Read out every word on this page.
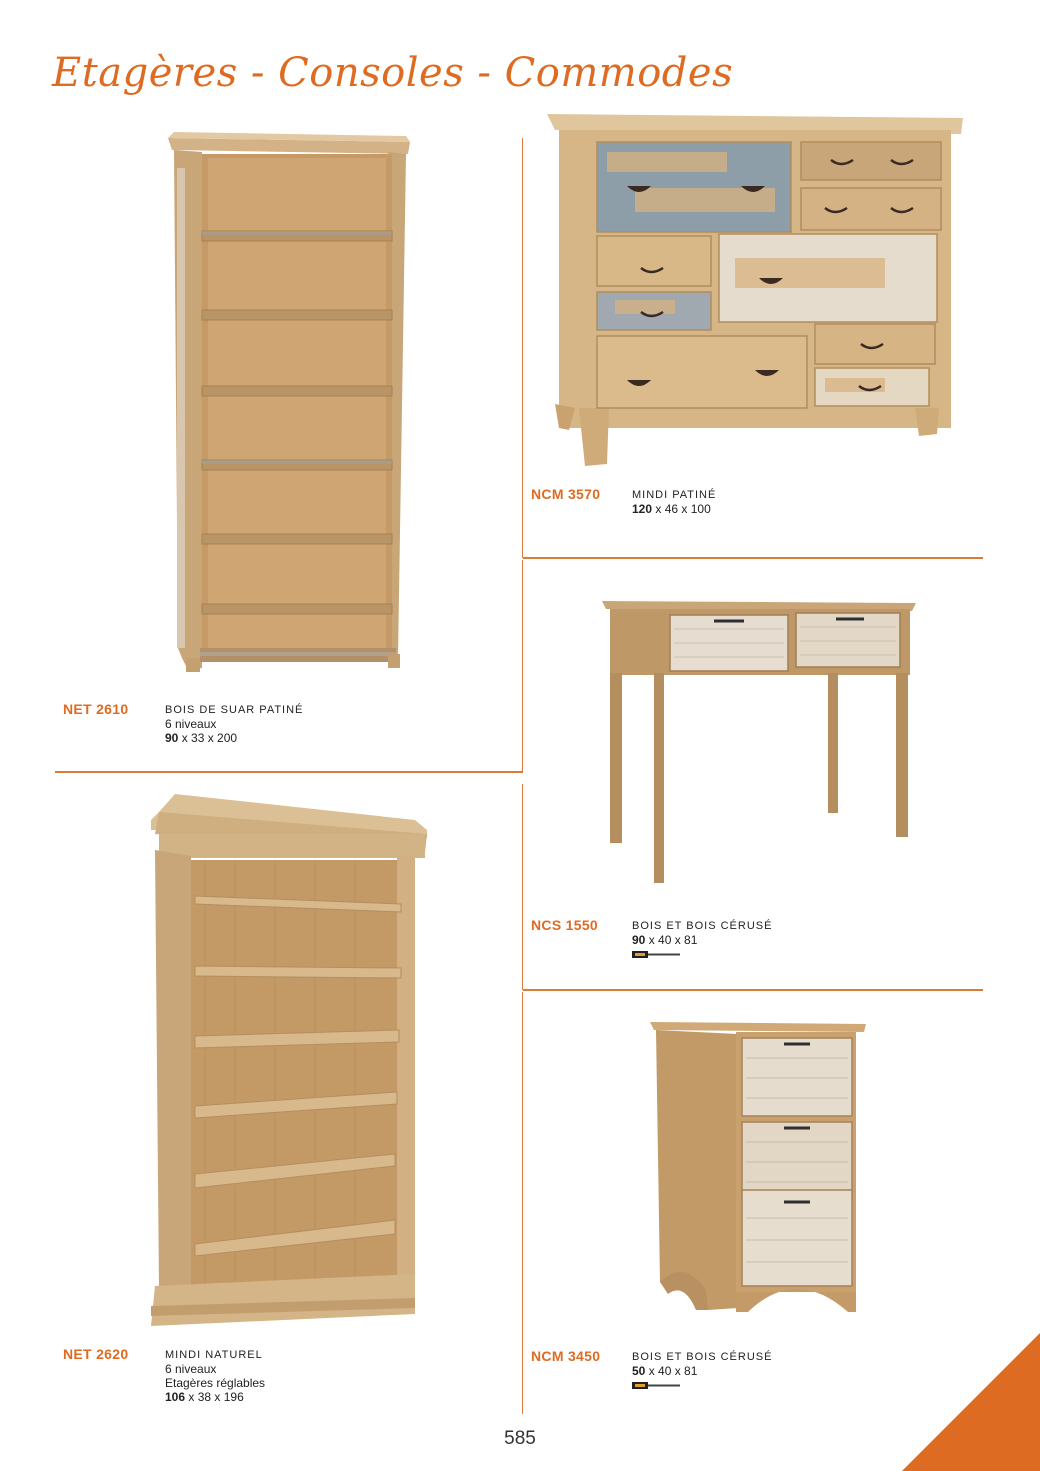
Etagères - Consoles - Commodes
NET 2610	BOIS DE SUAR PATINÉ
6 niveaux
90 x 33 x 200
NCM 3570	MINDI PATINÉ
120 x 46 x 100
NCS 1550	BOIS ET BOIS CÉRUSÉ
90 x 40 x 81
NET 2620	MINDI NATUREL
6 niveaux
Etagères réglables
106 x 38 x 196
NCM 3450	BOIS ET BOIS CÉRUSÉ
50 x 40 x 81
585
